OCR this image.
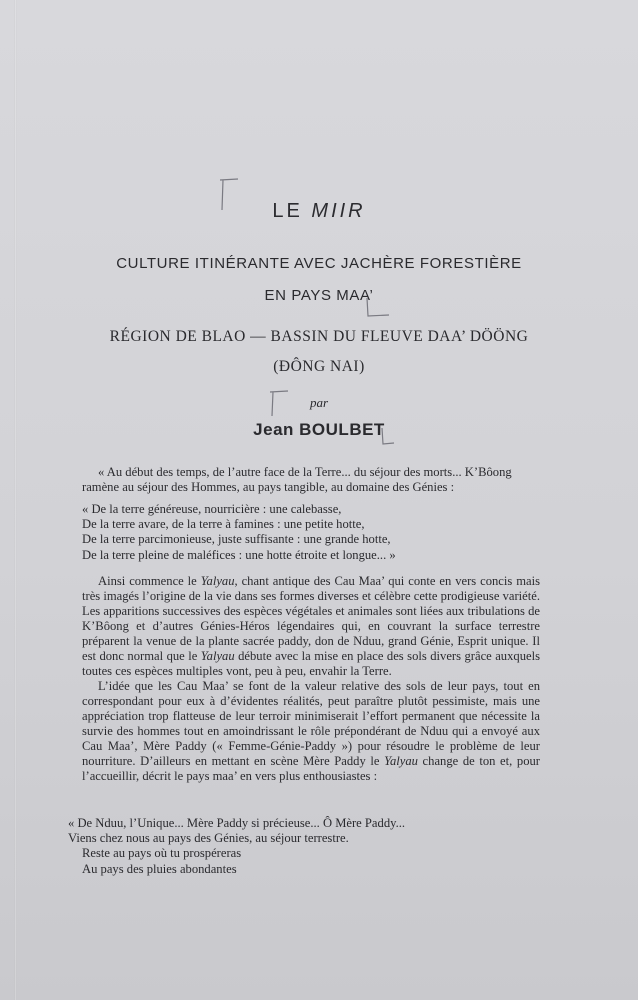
LE MIIR
CULTURE ITINÉRANTE AVEC JACHÈRE FORESTIÈRE
EN PAYS MAA’
RÉGION DE BLAO — BASSIN DU FLEUVE DAA’ DÖÖNG
(ĐÔNG NAI)
par
Jean BOULBET
« Au début des temps, de l’autre face de la Terre... du séjour des morts... K’Bôong
ramène au séjour des Hommes, au pays tangible, au domaine des Génies :
« De la terre généreuse, nourricière : une calebasse,
De la terre avare, de la terre à famines : une petite hotte,
De la terre parcimonieuse, juste suffisante : une grande hotte,
De la terre pleine de maléfices : une hotte étroite et longue... »

Ainsi commence le Yalyau, chant antique des Cau Maa’ qui conte en vers concis mais très imagés l’origine de la vie dans ses formes diverses et célèbre cette prodigieuse variété. Les apparitions successives des espèces végétales et animales sont liées aux tribulations de K’Bôong et d’autres Génies-Héros légendaires qui, en couvrant la surface terrestre préparent la venue de la plante sacrée paddy, don de Nduu, grand Génie, Esprit unique. Il est donc normal que le Yalyau débute avec la mise en place des sols divers grâce auxquels toutes ces espèces multiples vont, peu à peu, envahir la Terre.

L’idée que les Cau Maa’ se font de la valeur relative des sols de leur pays, tout en correspondant pour eux à d’évidentes réalités, peut paraître plutôt pessimiste, mais une appréciation trop flatteuse de leur terroir minimiserait l’effort permanent que nécessite la survie des hommes tout en amoindrissant le rôle prépondérant de Nduu qui a envoyé aux Cau Maa’, Mère Paddy (« Femme-Génie-Paddy ») pour résoudre le problème de leur nourriture. D’ailleurs en mettant en scène Mère Paddy le Yalyau change de ton et, pour l’accueillir, décrit le pays maa’ en vers plus enthousiastes :

« De Nduu, l’Unique... Mère Paddy si précieuse... Ô Mère Paddy...
Viens chez nous au pays des Génies, au séjour terrestre.
Reste au pays où tu prospéreras
Au pays des pluies abondantes
